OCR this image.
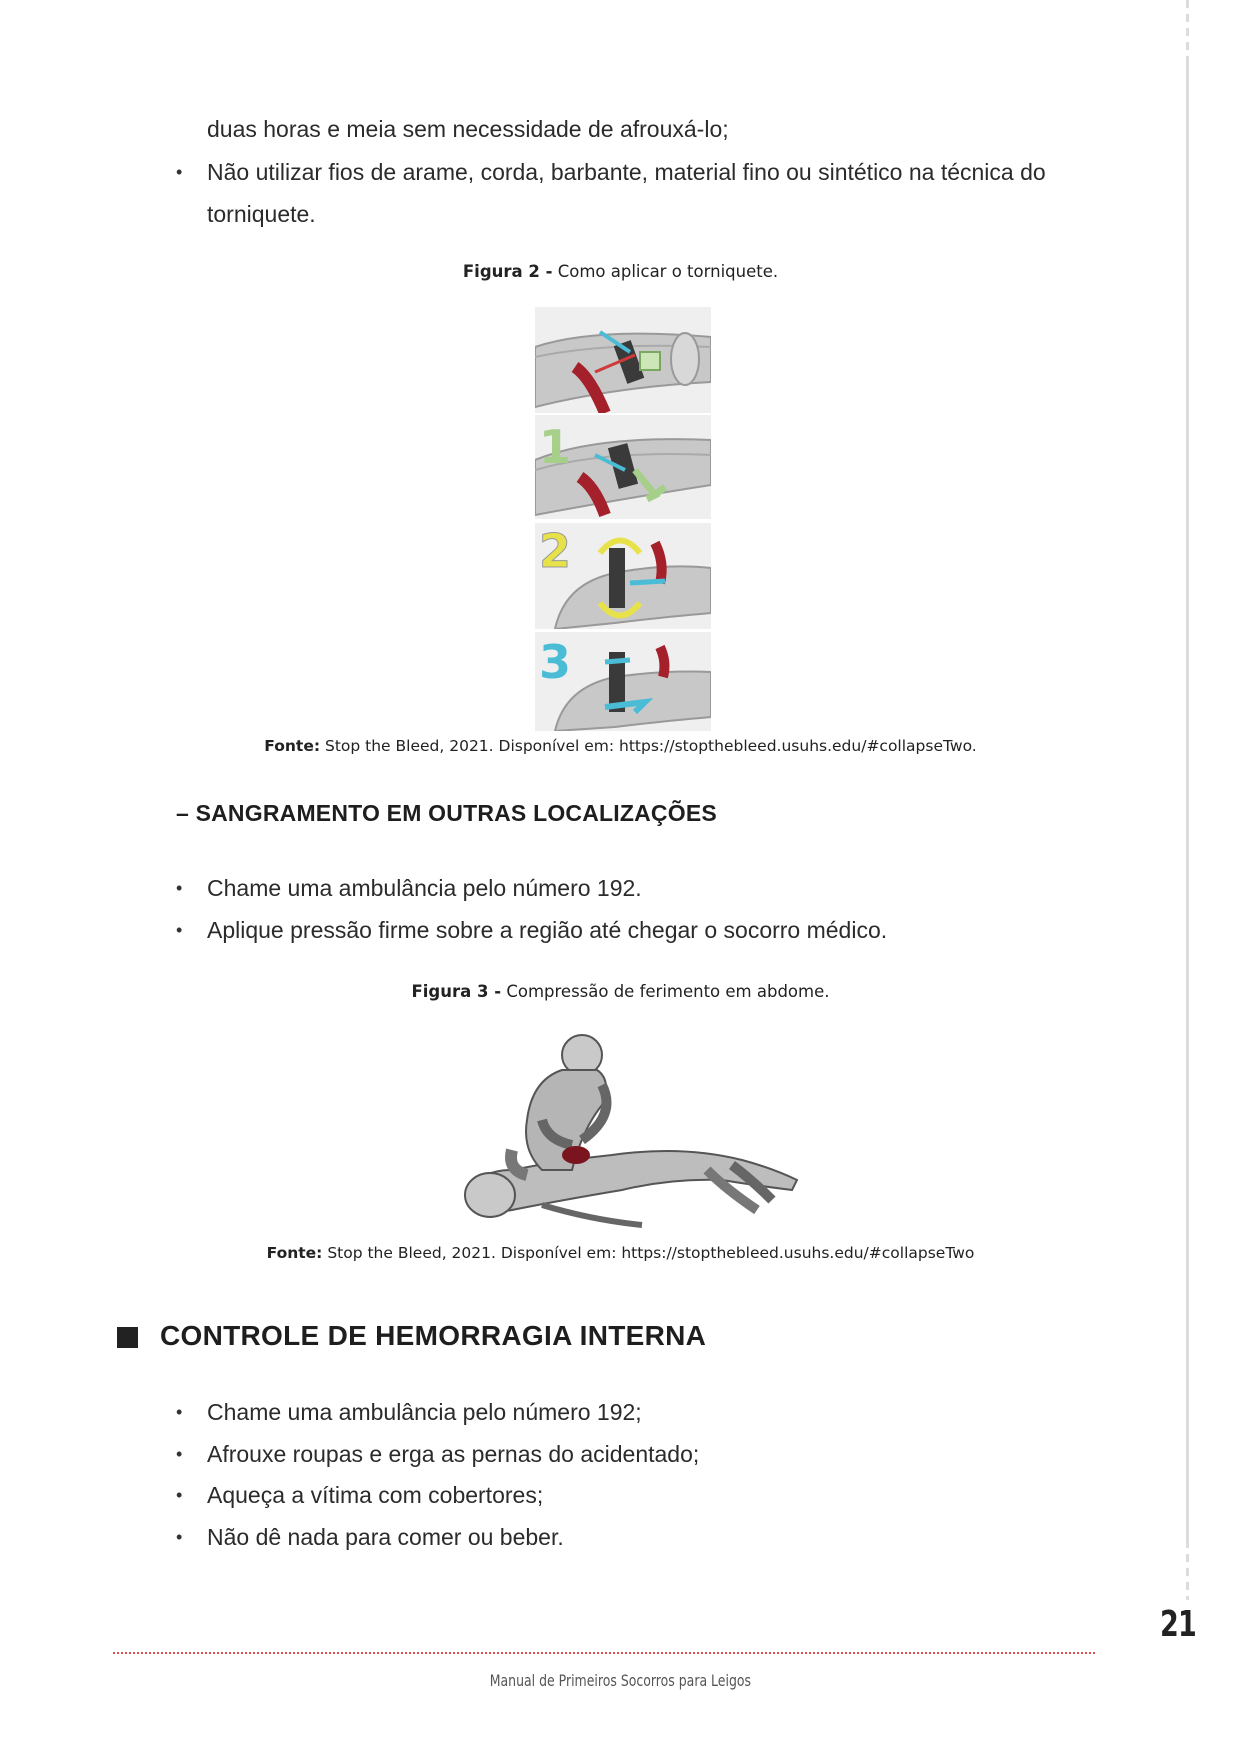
duas horas e meia sem necessidade de afrouxá-lo;
• Não utilizar fios de arame, corda, barbante, material fino ou sintético na técnica do
torniquete.
Figura 2 - Como aplicar o torniquete.
1
2
3
Fonte: Stop the Bleed, 2021. Disponível em: https://stopthebleed.usuhs.edu/#collapseTwo.
– SANGRAMENTO EM OUTRAS LOCALIZAÇÕES
• Chame uma ambulância pelo número 192.
• Aplique pressão firme sobre a região até chegar o socorro médico.
Figura 3 - Compressão de ferimento em abdome.
Fonte: Stop the Bleed, 2021. Disponível em: https://stopthebleed.usuhs.edu/#collapseTwo
CONTROLE DE HEMORRAGIA INTERNA
• Chame uma ambulância pelo número 192;
• Afrouxe roupas e erga as pernas do acidentado;
• Aqueça a vítima com cobertores;
• Não dê nada para comer ou beber.
21
Manual de Primeiros Socorros para Leigos
